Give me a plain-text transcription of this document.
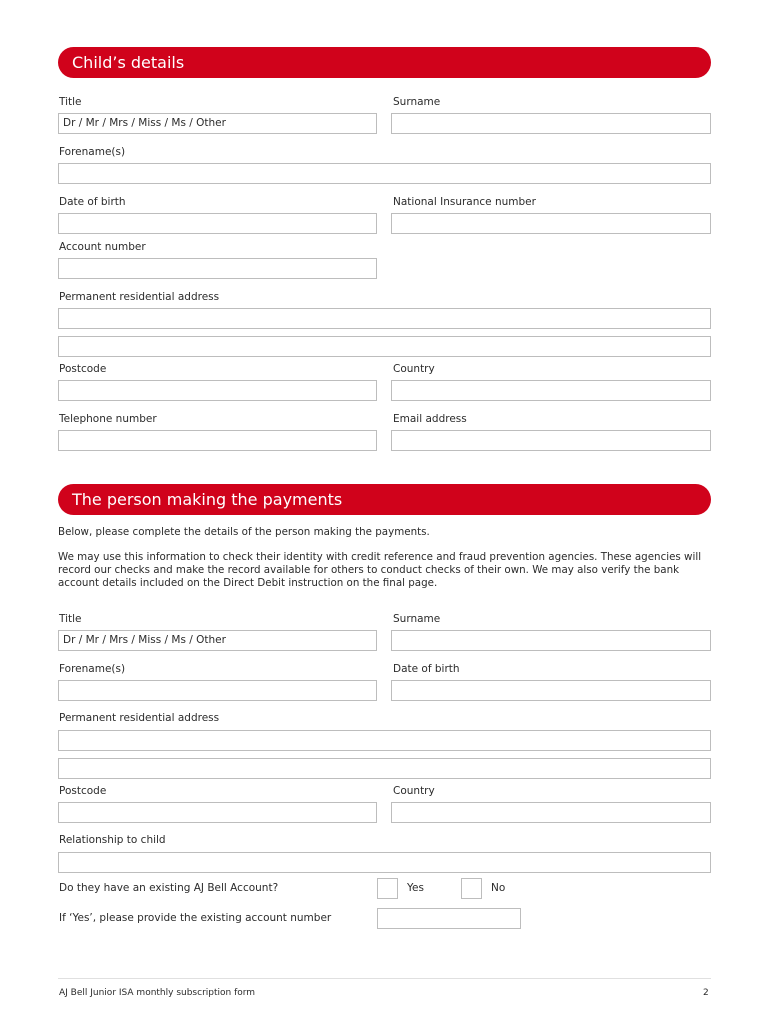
Child’s details
Title	Surname
Dr / Mr / Mrs / Miss / Ms / Other
Forename(s)
Date of birth	National Insurance number
Account number
Permanent residential address
Postcode	Country
Telephone number	Email address
The person making the payments
Below, please complete the details of the person making the payments.
We may use this information to check their identity with credit reference and fraud prevention agencies. These agencies will record our checks and make the record available for others to conduct checks of their own. We may also verify the bank account details included on the Direct Debit instruction on the final page.
Title	Surname
Dr / Mr / Mrs / Miss / Ms / Other
Forename(s)	Date of birth
Permanent residential address
Postcode	Country
Relationship to child
Do they have an existing AJ Bell Account?	Yes	No
If ‘Yes’, please provide the existing account number
AJ Bell Junior ISA monthly subscription form	2
